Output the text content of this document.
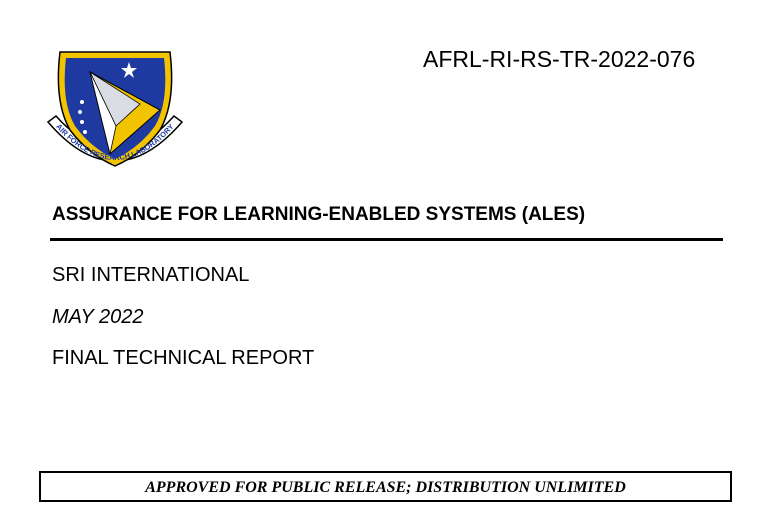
AIR FORCE RESEARCH LABORATORY
AFRL-RI-RS-TR-2022-076
ASSURANCE FOR LEARNING-ENABLED SYSTEMS (ALES)
SRI INTERNATIONAL
MAY 2022
FINAL TECHNICAL REPORT
APPROVED FOR PUBLIC RELEASE; DISTRIBUTION UNLIMITED
